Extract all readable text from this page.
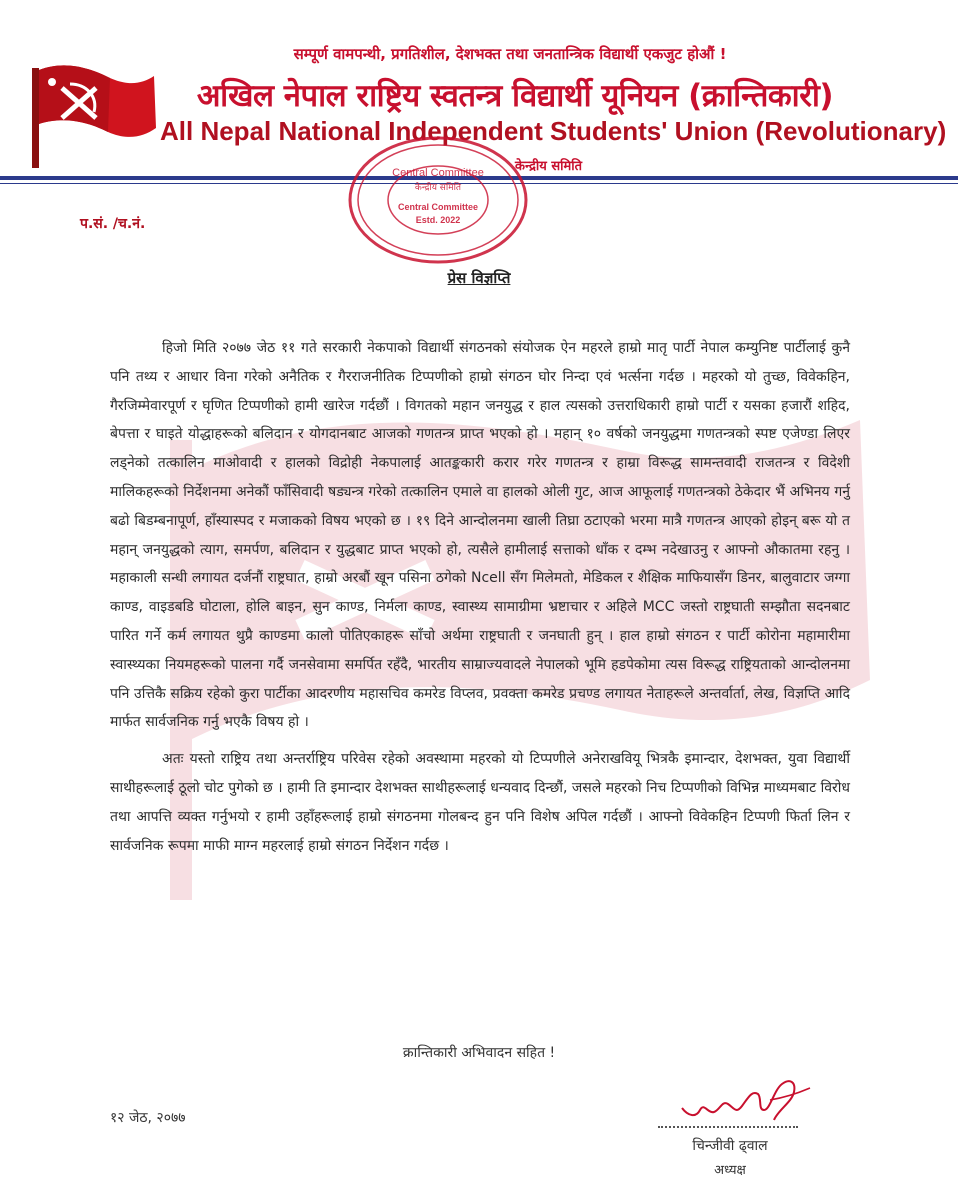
सम्पूर्ण वामपन्थी, प्रगतिशील, देशभक्त तथा जनतान्त्रिक विद्यार्थी एकजुट होऔं !
अखिल नेपाल राष्ट्रिय स्वतन्त्र विद्यार्थी यूनियन (क्रान्तिकारी)
All Nepal National Independent Students' Union (Revolutionary)
केन्द्रीय समिति
Central Committee
केन्द्रीय समिति
Central Committee
Estd. 2022
प.सं. /च.नं.
प्रेस विज्ञप्ति

हिजो मिति २०७७ जेठ ११ गते सरकारी नेकपाको विद्यार्थी संगठनको संयोजक ऐन महरले हाम्रो मातृ पार्टी नेपाल कम्युनिष्ट पार्टीलाई कुनै पनि तथ्य र आधार विना गरेको अनैतिक र गैरराजनीतिक टिप्पणीको हाम्रो संगठन घोर निन्दा एवं भर्त्सना गर्दछ । महरको यो तुच्छ, विवेकहिन, गैरजिम्मेवारपूर्ण र घृणित टिप्पणीको हामी खारेज गर्दछौं । विगतको महान जनयुद्ध र हाल त्यसको उत्तराधिकारी हाम्रो पार्टी र यसका हजारौं शहिद, बेपत्ता र घाइते योद्धाहरूको बलिदान र योगदानबाट आजको गणतन्त्र प्राप्त भएको हो । महान् १० वर्षको जनयुद्धमा गणतन्त्रको स्पष्ट एजेण्डा लिएर लड्नेको तत्कालिन माओवादी र हालको विद्रोही नेकपालाई आतङ्ककारी करार गरेर गणतन्त्र र हाम्रा विरूद्ध सामन्तवादी राजतन्त्र र विदेशी मालिकहरूको निर्देशनमा अनेकौं फाँसिवादी षड्यन्त्र गरेको तत्कालिन एमाले वा हालको ओली गुट, आज आफूलाई गणतन्त्रको ठेकेदार भैं अभिनय गर्नु बढो बिडम्बनापूर्ण, हाँस्यास्पद र मजाकको विषय भएको छ । १९ दिने आन्दोलनमा खाली तिघ्रा ठटाएको भरमा मात्रै गणतन्त्र आएको होइन् बरू यो त महान् जनयुद्धको त्याग, समर्पण, बलिदान र युद्धबाट प्राप्त भएको हो, त्यसैले हामीलाई सत्ताको धाँक र दम्भ नदेखाउनु र आफ्नो औकातमा रहनु । महाकाली सन्धी लगायत दर्जनौं राष्ट्रघात, हाम्रो अरबौं खून पसिना ठगेको Ncell सँग मिलेमतो, मेडिकल र शैक्षिक माफियासँग डिनर, बालुवाटार जग्गा काण्ड, वाइडबडि घोटाला, होलि बाइन, सुन काण्ड, निर्मला काण्ड, स्वास्थ्य सामाग्रीमा भ्रष्टाचार र अहिले MCC जस्तो राष्ट्रघाती सम्झौता सदनबाट पारित गर्ने कर्म लगायत थुप्रै काण्डमा कालो पोतिएकाहरू साँचो अर्थमा राष्ट्रघाती र जनघाती हुन् । हाल हाम्रो संगठन र पार्टी कोरोना महामारीमा स्वास्थ्यका नियमहरूको पालना गर्दै जनसेवामा समर्पित रहँदै, भारतीय साम्राज्यवादले नेपालको भूमि हडपेकोमा त्यस विरूद्ध राष्ट्रियताको आन्दोलनमा पनि उत्तिकै सक्रिय रहेको कुरा पार्टीका आदरणीय महासचिव कमरेड विप्लव, प्रवक्ता कमरेड प्रचण्ड लगायत नेताहरूले अन्तर्वार्ता, लेख, विज्ञप्ति आदि मार्फत सार्वजनिक गर्नु भएकै विषय हो ।

अतः यस्तो राष्ट्रिय तथा अन्तर्राष्ट्रिय परिवेस रहेको अवस्थामा महरको यो टिप्पणीले अनेराखवियू भित्रकै इमान्दार, देशभक्त, युवा विद्यार्थी साथीहरूलाई ठूलो चोट पुगेको छ । हामी ति इमान्दार देशभक्त साथीहरूलाई धन्यवाद दिन्छौं, जसले महरको निच टिप्पणीको विभिन्न माध्यमबाट विरोध तथा आपत्ति व्यक्त गर्नुभयो र हामी उहाँहरूलाई हाम्रो संगठनमा गोलबन्द हुन पनि विशेष अपिल गर्दछौं । आफ्नो विवेकहिन टिप्पणी फिर्ता लिन र सार्वजनिक रूपमा माफी माग्न महरलाई हाम्रो संगठन निर्देशन गर्दछ ।

क्रान्तिकारी अभिवादन सहित !
१२ जेठ, २०७७
चिन्जीवी ढ्वाल
अध्यक्ष
